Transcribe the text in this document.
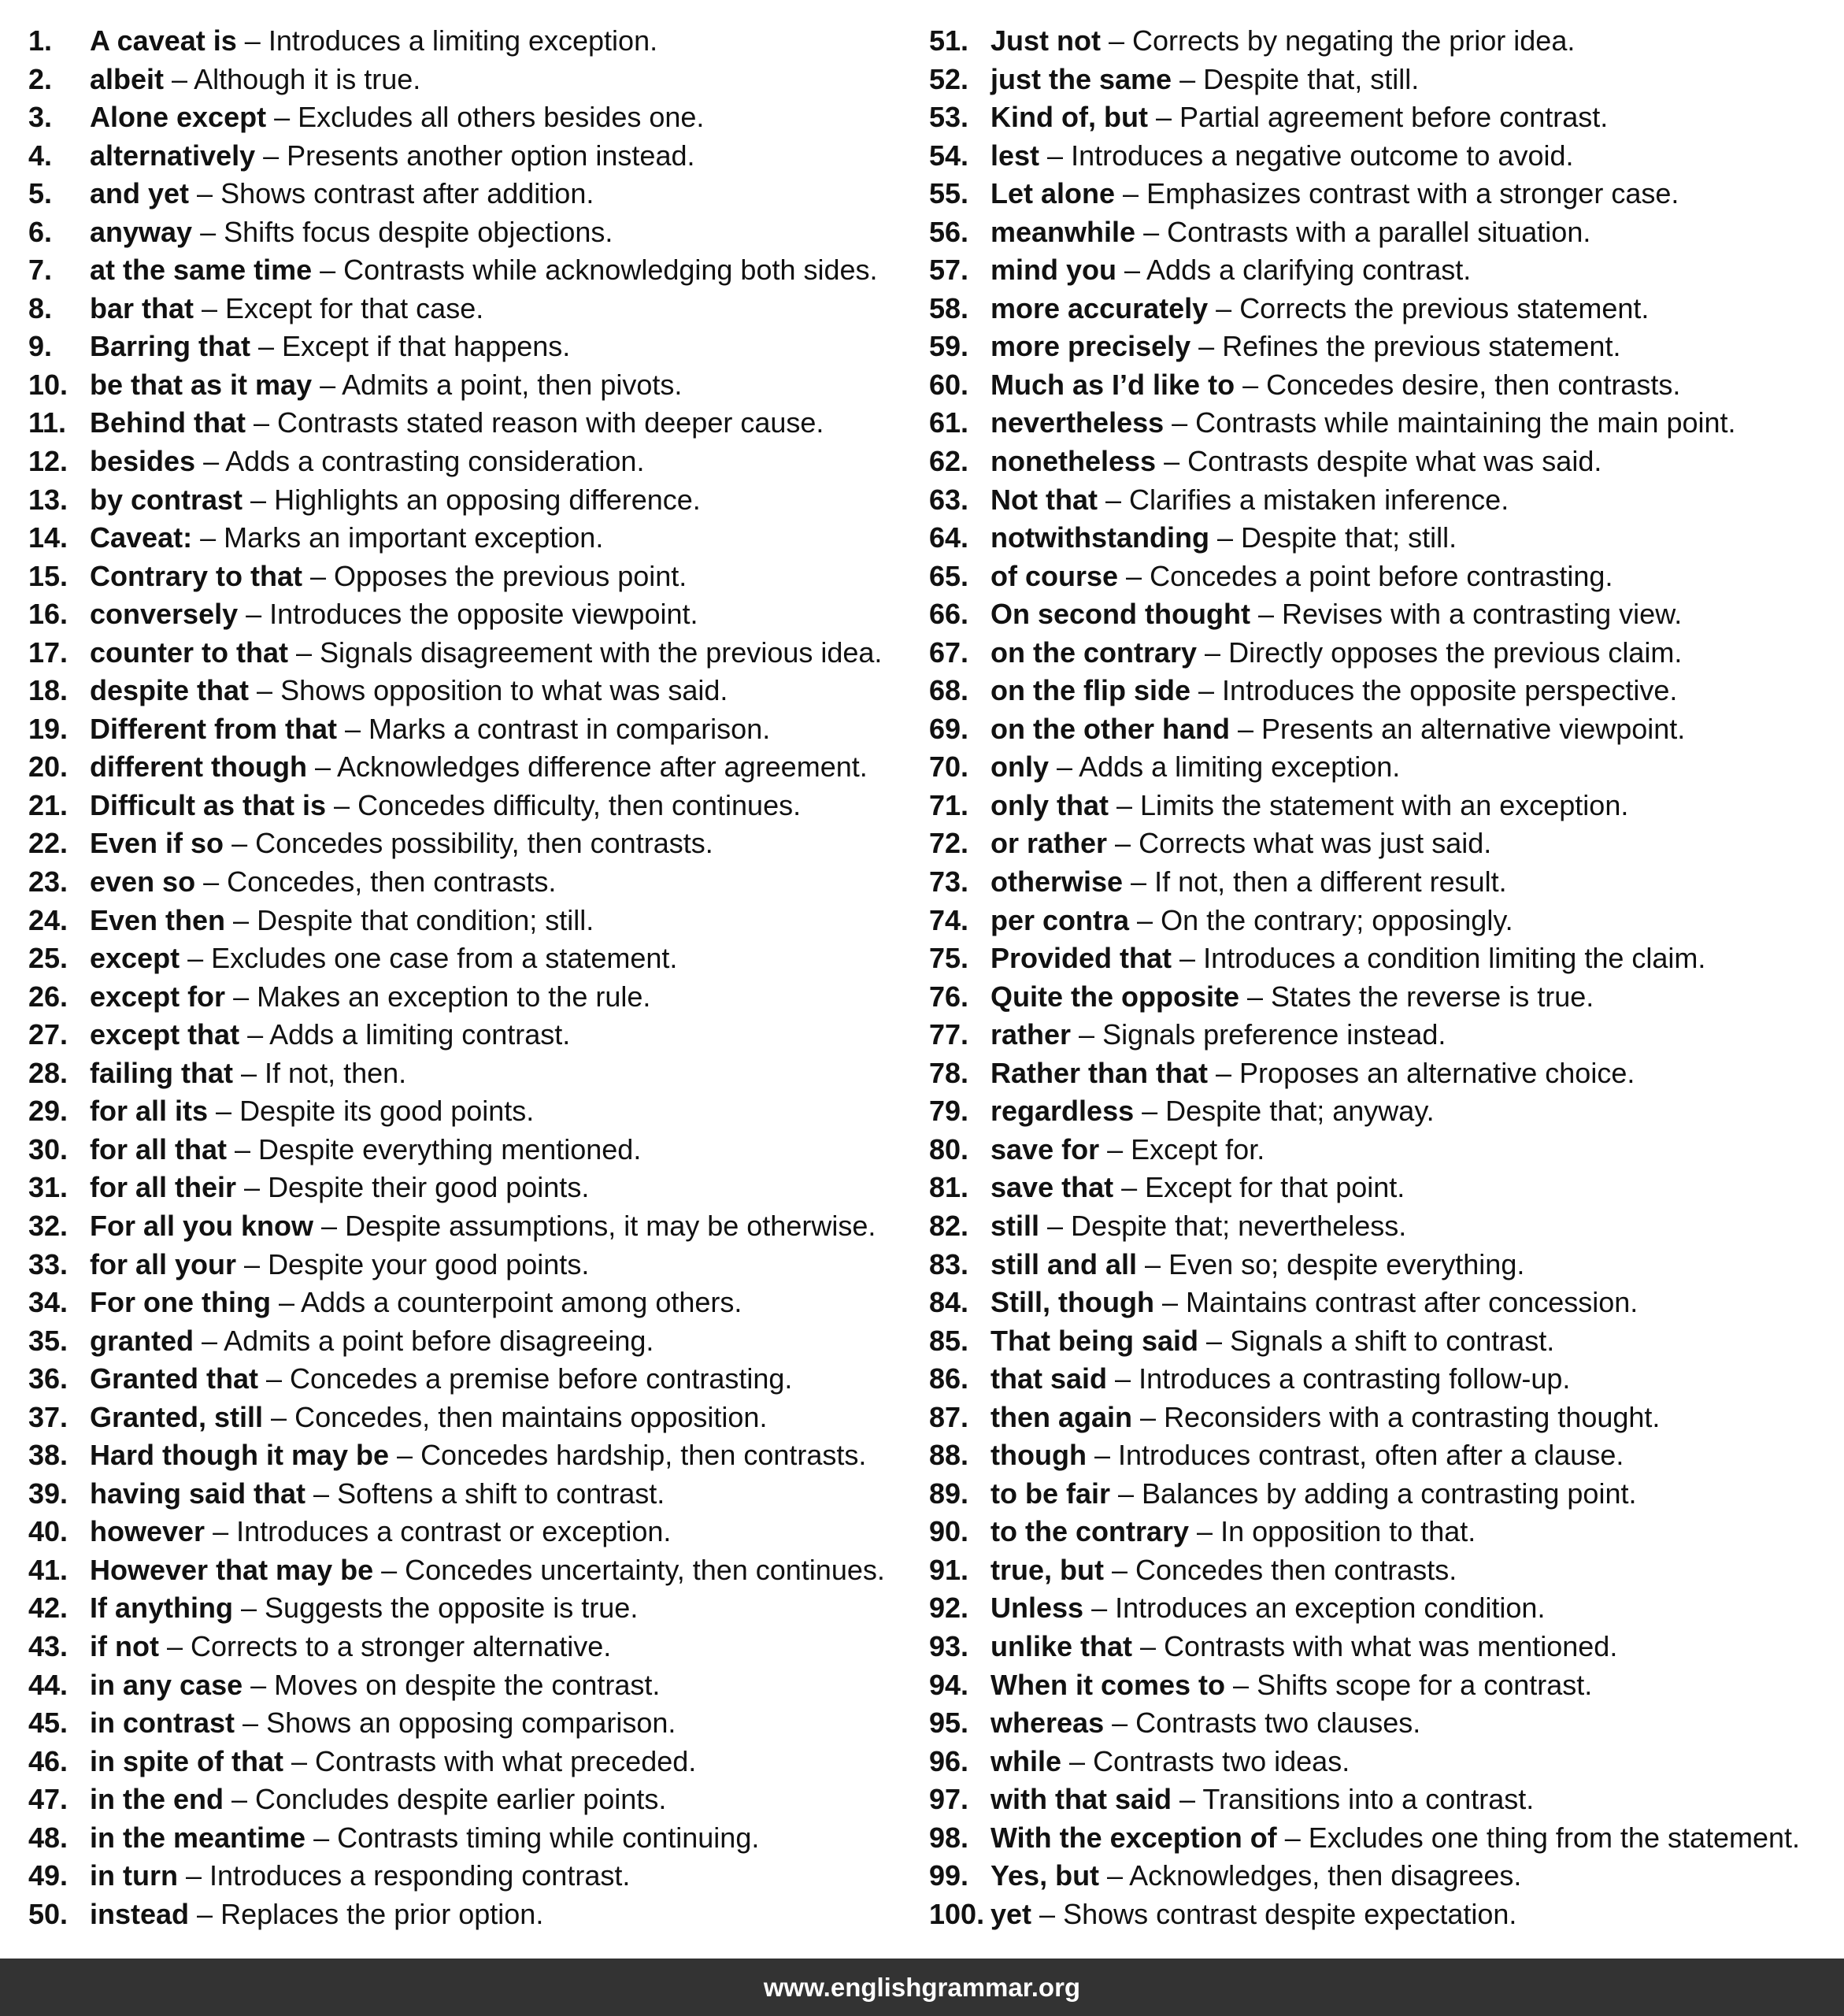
1. A caveat is – Introduces a limiting exception.
2. albeit – Although it is true.
3. Alone except – Excludes all others besides one.
4. alternatively – Presents another option instead.
5. and yet – Shows contrast after addition.
6. anyway – Shifts focus despite objections.
7. at the same time – Contrasts while acknowledging both sides.
8. bar that – Except for that case.
9. Barring that – Except if that happens.
10. be that as it may – Admits a point, then pivots.
11. Behind that – Contrasts stated reason with deeper cause.
12. besides – Adds a contrasting consideration.
13. by contrast – Highlights an opposing difference.
14. Caveat: – Marks an important exception.
15. Contrary to that – Opposes the previous point.
16. conversely – Introduces the opposite viewpoint.
17. counter to that – Signals disagreement with the previous idea.
18. despite that – Shows opposition to what was said.
19. Different from that – Marks a contrast in comparison.
20. different though – Acknowledges difference after agreement.
21. Difficult as that is – Concedes difficulty, then continues.
22. Even if so – Concedes possibility, then contrasts.
23. even so – Concedes, then contrasts.
24. Even then – Despite that condition; still.
25. except – Excludes one case from a statement.
26. except for – Makes an exception to the rule.
27. except that – Adds a limiting contrast.
28. failing that – If not, then.
29. for all its – Despite its good points.
30. for all that – Despite everything mentioned.
31. for all their – Despite their good points.
32. For all you know – Despite assumptions, it may be otherwise.
33. for all your – Despite your good points.
34. For one thing – Adds a counterpoint among others.
35. granted – Admits a point before disagreeing.
36. Granted that – Concedes a premise before contrasting.
37. Granted, still – Concedes, then maintains opposition.
38. Hard though it may be – Concedes hardship, then contrasts.
39. having said that – Softens a shift to contrast.
40. however – Introduces a contrast or exception.
41. However that may be – Concedes uncertainty, then continues.
42. If anything – Suggests the opposite is true.
43. if not – Corrects to a stronger alternative.
44. in any case – Moves on despite the contrast.
45. in contrast – Shows an opposing comparison.
46. in spite of that – Contrasts with what preceded.
47. in the end – Concludes despite earlier points.
48. in the meantime – Contrasts timing while continuing.
49. in turn – Introduces a responding contrast.
50. instead – Replaces the prior option.
51. Just not – Corrects by negating the prior idea.
52. just the same – Despite that, still.
53. Kind of, but – Partial agreement before contrast.
54. lest – Introduces a negative outcome to avoid.
55. Let alone – Emphasizes contrast with a stronger case.
56. meanwhile – Contrasts with a parallel situation.
57. mind you – Adds a clarifying contrast.
58. more accurately – Corrects the previous statement.
59. more precisely – Refines the previous statement.
60. Much as I’d like to – Concedes desire, then contrasts.
61. nevertheless – Contrasts while maintaining the main point.
62. nonetheless – Contrasts despite what was said.
63. Not that – Clarifies a mistaken inference.
64. notwithstanding – Despite that; still.
65. of course – Concedes a point before contrasting.
66. On second thought – Revises with a contrasting view.
67. on the contrary – Directly opposes the previous claim.
68. on the flip side – Introduces the opposite perspective.
69. on the other hand – Presents an alternative viewpoint.
70. only – Adds a limiting exception.
71. only that – Limits the statement with an exception.
72. or rather – Corrects what was just said.
73. otherwise – If not, then a different result.
74. per contra – On the contrary; opposingly.
75. Provided that – Introduces a condition limiting the claim.
76. Quite the opposite – States the reverse is true.
77. rather – Signals preference instead.
78. Rather than that – Proposes an alternative choice.
79. regardless – Despite that; anyway.
80. save for – Except for.
81. save that – Except for that point.
82. still – Despite that; nevertheless.
83. still and all – Even so; despite everything.
84. Still, though – Maintains contrast after concession.
85. That being said – Signals a shift to contrast.
86. that said – Introduces a contrasting follow-up.
87. then again – Reconsiders with a contrasting thought.
88. though – Introduces contrast, often after a clause.
89. to be fair – Balances by adding a contrasting point.
90. to the contrary – In opposition to that.
91. true, but – Concedes then contrasts.
92. Unless – Introduces an exception condition.
93. unlike that – Contrasts with what was mentioned.
94. When it comes to – Shifts scope for a contrast.
95. whereas – Contrasts two clauses.
96. while – Contrasts two ideas.
97. with that said – Transitions into a contrast.
98. With the exception of – Excludes one thing from the statement.
99. Yes, but – Acknowledges, then disagrees.
100. yet – Shows contrast despite expectation.
www.englishgrammar.org
